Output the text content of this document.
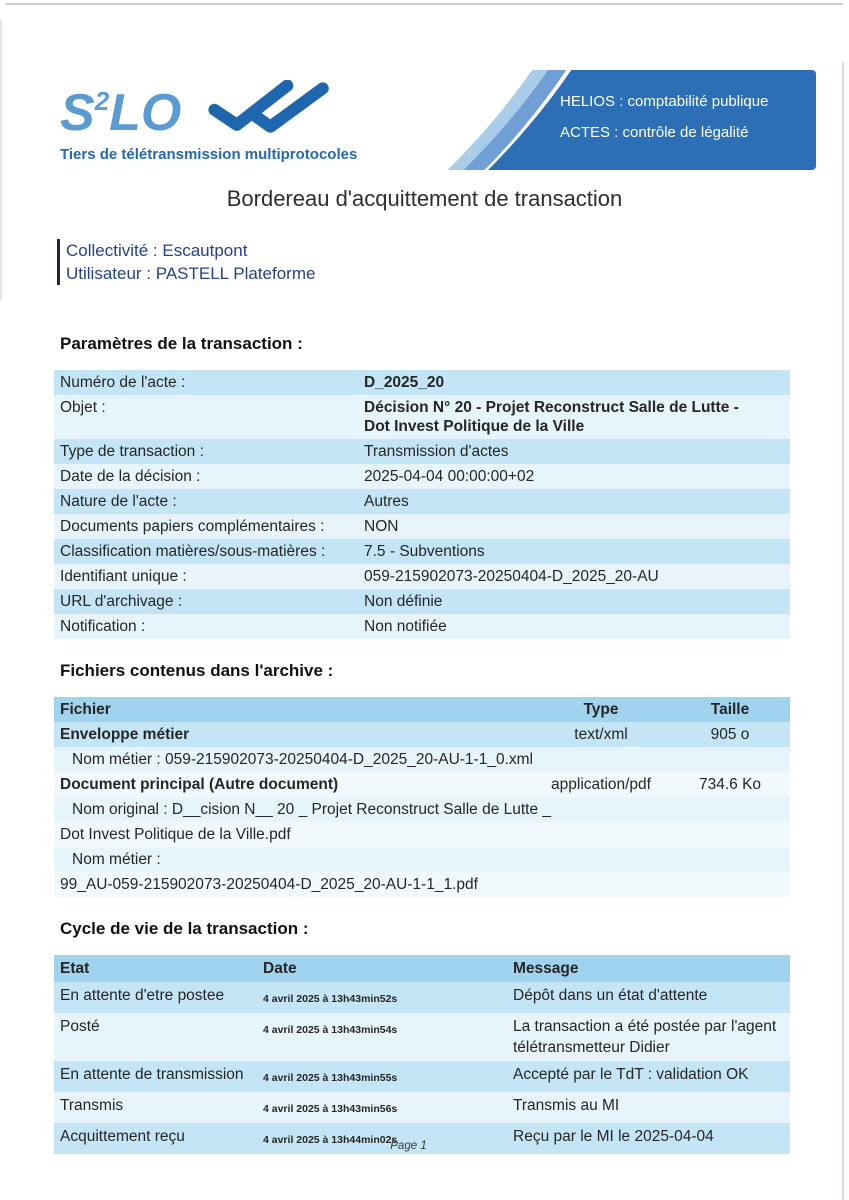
$S^2LO$
Tiers de télétransmission multiprotocoles
HELIOS : comptabilité publique
ACTES : contrôle de légalité
Bordereau d'acquittement de transaction
Collectivité : Escautpont
Utilisateur : PASTELL Plateforme
Paramètres de la transaction :
Numéro de l'acte :	D_2025_20
Objet :	Décision N° 20 - Projet Reconstruct Salle de Lutte - Dot Invest Politique de la Ville
Type de transaction :	Transmission d'actes
Date de la décision :	2025-04-04 00:00:00+02
Nature de l'acte :	Autres
Documents papiers complémentaires :	NON
Classification matières/sous-matières :	7.5 - Subventions
Identifiant unique :	059-215902073-20250404-D_2025_20-AU
URL d'archivage :	Non définie
Notification :	Non notifiée
Fichiers contenus dans l'archive :
Fichier	Type	Taille
Enveloppe métier	text/xml	905 o
Nom métier : 059-215902073-20250404-D_2025_20-AU-1-1_0.xml
Document principal (Autre document)	application/pdf	734.6 Ko
Nom original : D__cision N__ 20 _ Projet Reconstruct Salle de Lutte _
Dot Invest Politique de la Ville.pdf
Nom métier :
99_AU-059-215902073-20250404-D_2025_20-AU-1-1_1.pdf
Cycle de vie de la transaction :
Etat	Date	Message
En attente d'etre postee	4 avril 2025 à 13h43min52s	Dépôt dans un état d'attente
Posté	4 avril 2025 à 13h43min54s	La transaction a été postée par l'agent télétransmetteur Didier
En attente de transmission	4 avril 2025 à 13h43min55s	Accepté par le TdT : validation OK
Transmis	4 avril 2025 à 13h43min56s	Transmis au MI
Acquittement reçu	4 avril 2025 à 13h44min02s	Reçu par le MI le 2025-04-04
Page 1
